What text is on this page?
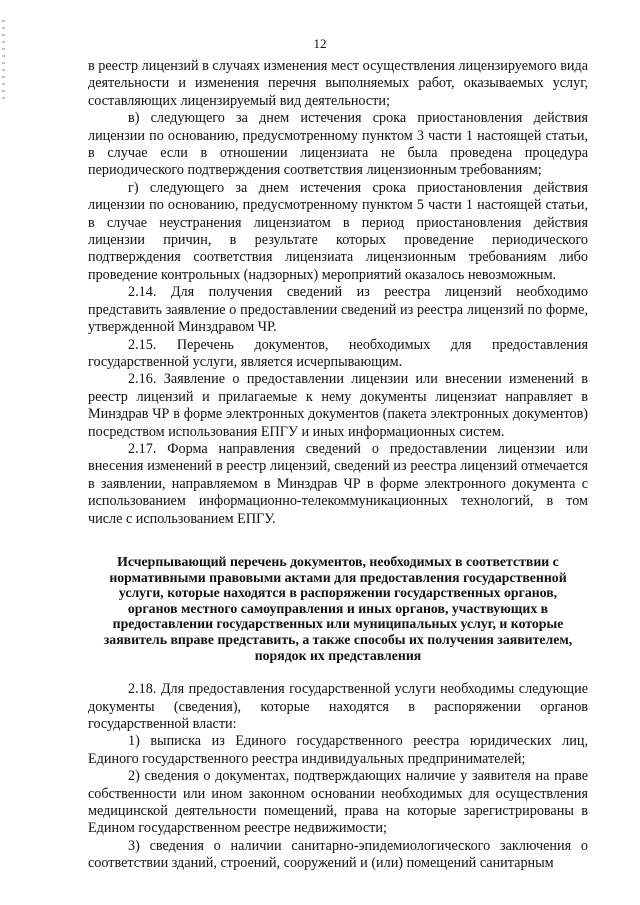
12

в реестр лицензий в случаях изменения мест осуществления лицензируемого вида деятельности и изменения перечня выполняемых работ, оказываемых услуг, составляющих лицензируемый вид деятельности;

в) следующего за днем истечения срока приостановления действия лицензии по основанию, предусмотренному пунктом 3 части 1 настоящей статьи, в случае если в отношении лицензиата не была проведена процедура периодического подтверждения соответствия лицензионным требованиям;

г) следующего за днем истечения срока приостановления действия лицензии по основанию, предусмотренному пунктом 5 части 1 настоящей статьи, в случае неустранения лицензиатом в период приостановления действия лицензии причин, в результате которых проведение периодического подтверждения соответствия лицензиата лицензионным требованиям либо проведение контрольных (надзорных) мероприятий оказалось невозможным.

2.14. Для получения сведений из реестра лицензий необходимо представить заявление о предоставлении сведений из реестра лицензий по форме, утвержденной Минздравом ЧР.

2.15. Перечень документов, необходимых для предоставления государственной услуги, является исчерпывающим.

2.16. Заявление о предоставлении лицензии или внесении изменений в реестр лицензий и прилагаемые к нему документы лицензиат направляет в Минздрав ЧР в форме электронных документов (пакета электронных документов) посредством использования ЕПГУ и иных информационных систем.

2.17. Форма направления сведений о предоставлении лицензии или внесения изменений в реестр лицензий, сведений из реестра лицензий отмечается в заявлении, направляемом в Минздрав ЧР в форме электронного документа с использованием информационно-телекоммуникационных технологий, в том числе с использованием ЕПГУ.

Исчерпывающий перечень документов, необходимых в соответствии с нормативными правовыми актами для предоставления государственной услуги, которые находятся в распоряжении государственных органов, органов местного самоуправления и иных органов, участвующих в предоставлении государственных или муниципальных услуг, и которые заявитель вправе представить, а также способы их получения заявителем, порядок их представления

2.18. Для предоставления государственной услуги необходимы следующие документы (сведения), которые находятся в распоряжении органов государственной власти:

1) выписка из Единого государственного реестра юридических лиц, Единого государственного реестра индивидуальных предпринимателей;

2) сведения о документах, подтверждающих наличие у заявителя на праве собственности или ином законном основании необходимых для осуществления медицинской деятельности помещений, права на которые зарегистрированы в Едином государственном реестре недвижимости;

3) сведения о наличии санитарно-эпидемиологического заключения о соответствии зданий, строений, сооружений и (или) помещений санитарным
